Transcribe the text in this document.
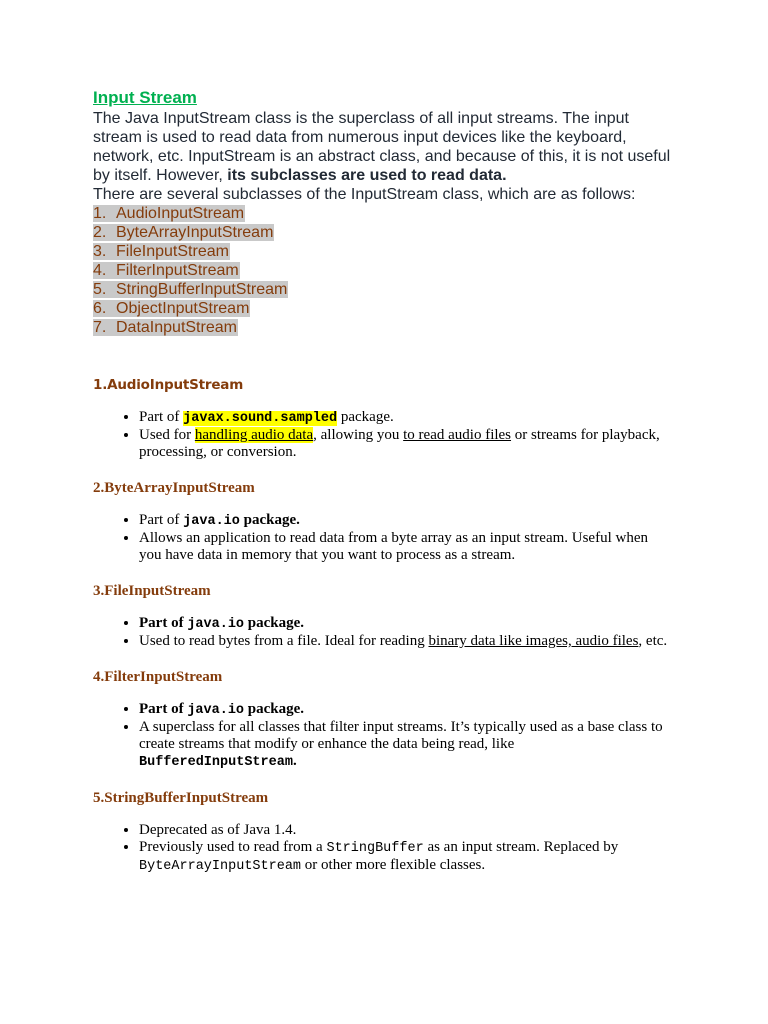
Input Stream

The Java InputStream class is the superclass of all input streams. The input stream is used to read data from numerous input devices like the keyboard, network, etc. InputStream is an abstract class, and because of this, it is not useful by itself. However, its subclasses are used to read data.

There are several subclasses of the InputStream class, which are as follows:

1. AudioInputStream
2. ByteArrayInputStream
3. FileInputStream
4. FilterInputStream
5. StringBufferInputStream
6. ObjectInputStream
7. DataInputStream
1.AudioInputStream
• Part of javax.sound.sampled package.
• Used for handling audio data, allowing you to read audio files or streams for playback, processing, or conversion.
2.ByteArrayInputStream
• Part of java.io package.
• Allows an application to read data from a byte array as an input stream. Useful when you have data in memory that you want to process as a stream.
3.FileInputStream
• Part of java.io package.
• Used to read bytes from a file. Ideal for reading binary data like images, audio files, etc.
4.FilterInputStream
• Part of java.io package.
• A superclass for all classes that filter input streams. It’s typically used as a base class to create streams that modify or enhance the data being read, like BufferedInputStream.
5.StringBufferInputStream
• Deprecated as of Java 1.4.
• Previously used to read from a StringBuffer as an input stream. Replaced by ByteArrayInputStream or other more flexible classes.
